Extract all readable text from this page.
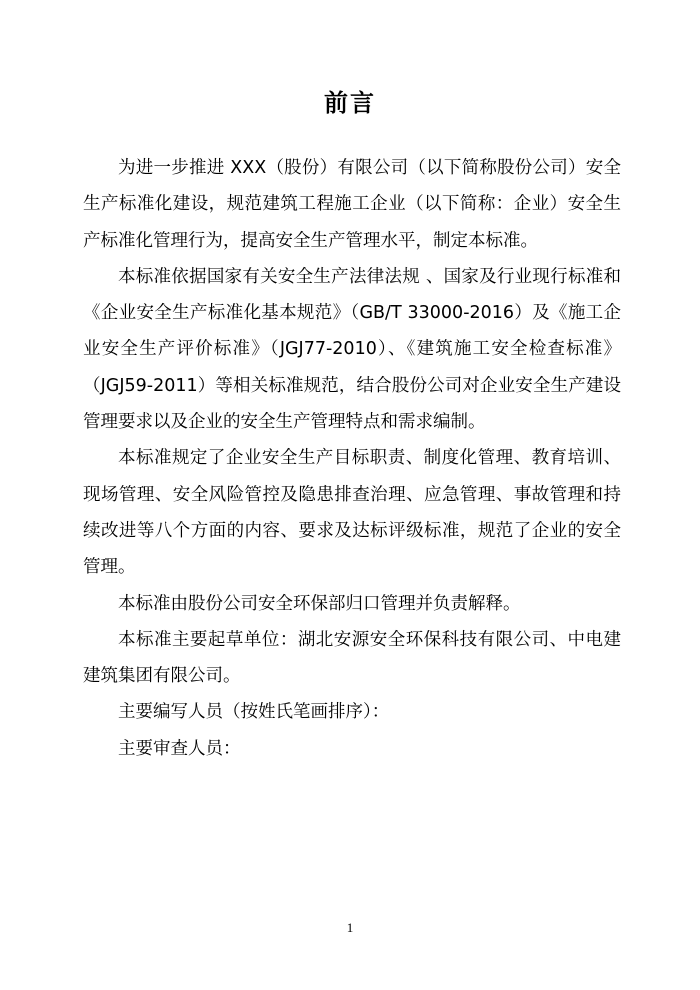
前言

为进一步推进 XXX（股份）有限公司（以下简称股份公司）安全生产标准化建设，规范建筑工程施工企业（以下简称：企业）安全生产标准化管理行为，提高安全生产管理水平，制定本标准。

本标准依据国家有关安全生产法律法规 、国家及行业现行标准和《企业安全生产标准化基本规范》（GB/T 33000-2016）及《施工企业安全生产评价标准》（JGJ77-2010）、《建筑施工安全检查标准》（JGJ59-2011）等相关标准规范，结合股份公司对企业安全生产建设管理要求以及企业的安全生产管理特点和需求编制。

本标准规定了企业安全生产目标职责、制度化管理、教育培训、现场管理、安全风险管控及隐患排查治理、应急管理、事故管理和持续改进等八个方面的内容、要求及达标评级标准，规范了企业的安全管理。

本标准由股份公司安全环保部归口管理并负责解释。

本标准主要起草单位：湖北安源安全环保科技有限公司、中电建建筑集团有限公司。

主要编写人员（按姓氏笔画排序）：

主要审查人员：

1
